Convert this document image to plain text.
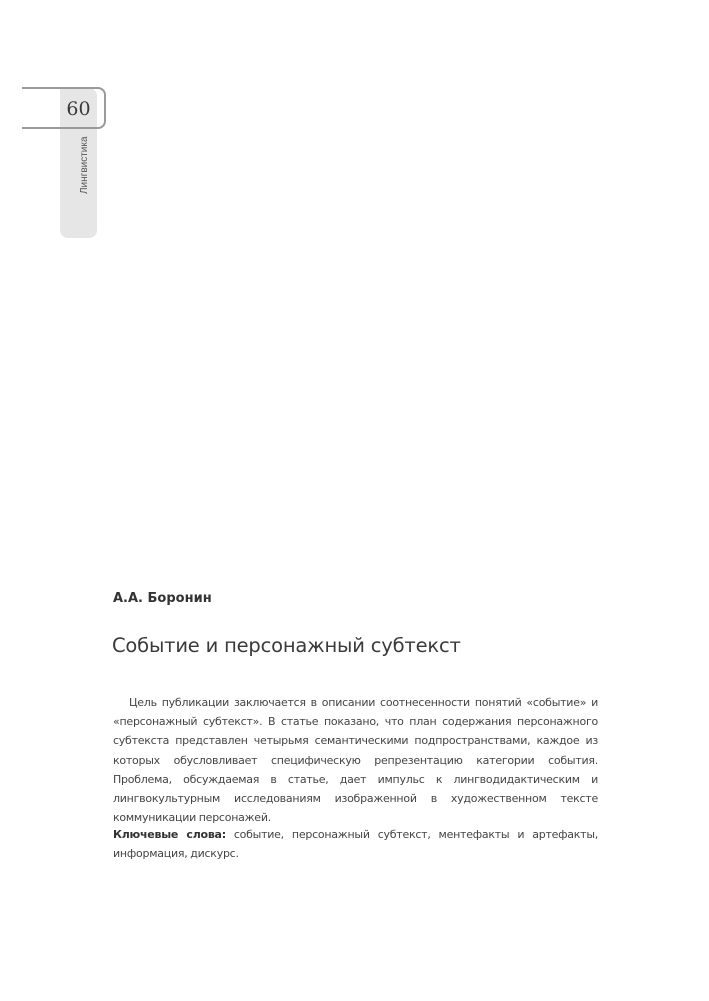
60
Лингвистика
А.А. Боронин
Событие и персонажный субтекст

Цель публикации заключается в описании соотнесенности понятий «событие» и «персонажный субтекст». В статье показано, что план содержания персонажного субтекста представлен четырьмя семантическими подпространствами, каждое из которых обусловливает специфическую репрезентацию категории события. Проблема, обсуждаемая в статье, дает импульс к лингводидактическим и лингвокультурным исследованиям изображенной в художественном тексте коммуникации персонажей.

Ключевые слова: событие, персонажный субтекст, ментефакты и артефакты, информация, дискурс.
